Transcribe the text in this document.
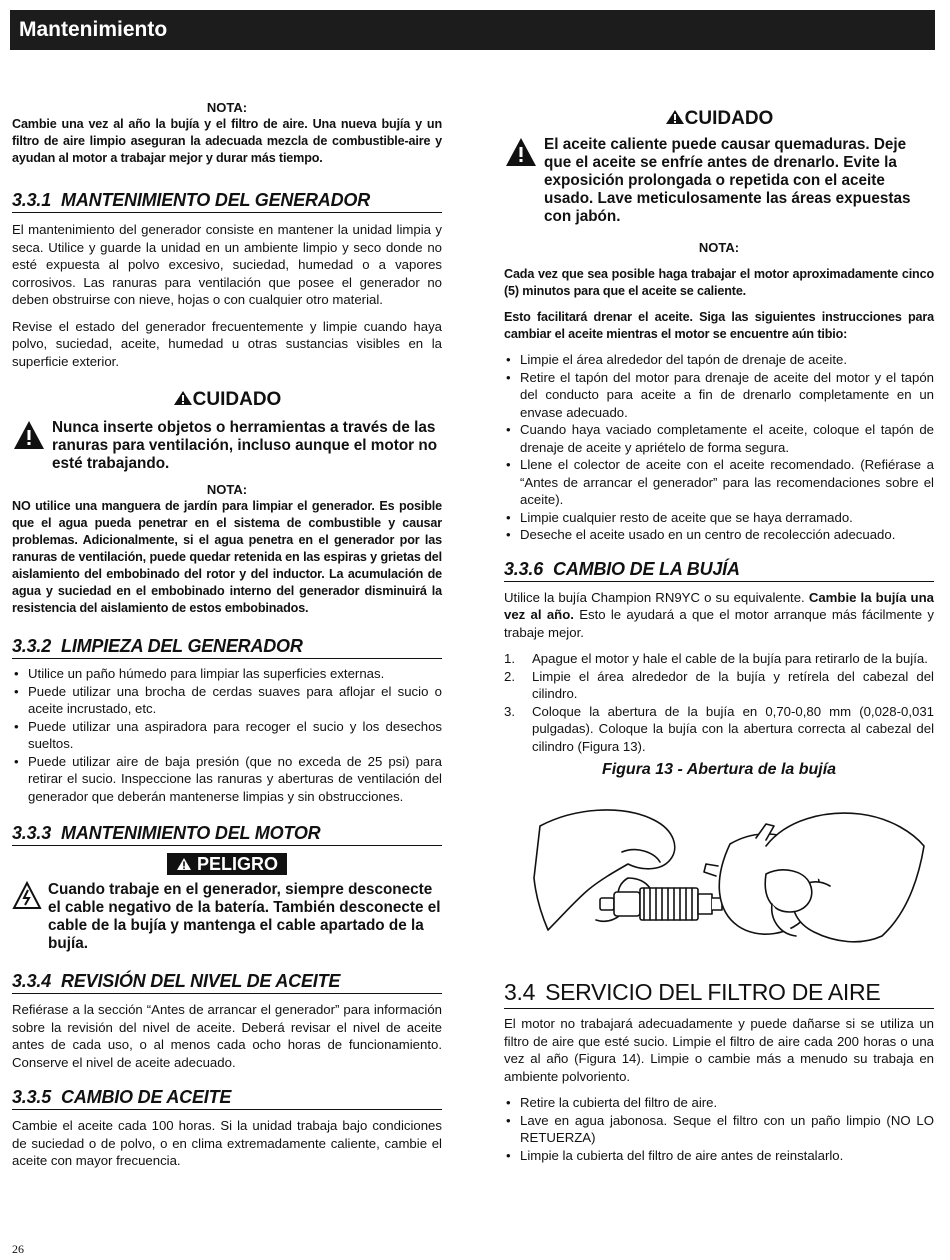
Mantenimiento

NOTA:

Cambie una vez al año la bujía y el filtro de aire. Una nueva bujía y un filtro de aire limpio aseguran la adecuada mezcla de combustible-aire y ayudan al motor a trabajar mejor y durar más tiempo.

3.3.1 MANTENIMIENTO DEL GENERADOR

El mantenimiento del generador consiste en mantener la unidad limpia y seca. Utilice y guarde la unidad en un ambiente limpio y seco donde no esté expuesta al polvo excesivo, suciedad, humedad o a vapores corrosivos. Las ranuras para ventilación que posee el generador no deben obstruirse con nieve, hojas o con cualquier otro material.

Revise el estado del generador frecuentemente y limpie cuando haya polvo, suciedad, aceite, humedad u otras sustancias visibles en la superficie exterior.

CUIDADO

Nunca inserte objetos o herramientas a través de las ranuras para ventilación, incluso aunque el motor no esté trabajando.

NOTA:

NO utilice una manguera de jardín para limpiar el generador. Es posible que el agua pueda penetrar en el sistema de combustible y causar problemas. Adicionalmente, si el agua penetra en el generador por las ranuras de ventilación, puede quedar retenida en las espiras y grietas del aislamiento del embobinado del rotor y del inductor. La acumulación de agua y suciedad en el embobinado interno del generador disminuirá la resistencia del aislamiento de estos embobinados.

3.3.2 LIMPIEZA DEL GENERADOR
• Utilice un paño húmedo para limpiar las superficies externas.
• Puede utilizar una brocha de cerdas suaves para aflojar el sucio o aceite incrustado, etc.
• Puede utilizar una aspiradora para recoger el sucio y los desechos sueltos.
• Puede utilizar aire de baja presión (que no exceda de 25 psi) para retirar el sucio. Inspeccione las ranuras y aberturas de ventilación del generador que deberán mantenerse limpias y sin obstrucciones.
3.3.3 MANTENIMIENTO DEL MOTOR
PELIGRO

Cuando trabaje en el generador, siempre desconecte el cable negativo de la batería. También desconecte el cable de la bujía y mantenga el cable apartado de la bujía.

3.3.4 REVISIÓN DEL NIVEL DE ACEITE

Refiérase a la sección “Antes de arrancar el generador” para información sobre la revisión del nivel de aceite. Deberá revisar el nivel de aceite antes de cada uso, o al menos cada ocho horas de funcionamiento. Conserve el nivel de aceite adecuado.

3.3.5 CAMBIO DE ACEITE

Cambie el aceite cada 100 horas. Si la unidad trabaja bajo condiciones de suciedad o de polvo, o en clima extremadamente caliente, cambie el aceite con mayor frecuencia.

CUIDADO

El aceite caliente puede causar quemaduras. Deje que el aceite se enfríe antes de drenarlo. Evite la exposición prolongada o repetida con el aceite usado. Lave meticulosamente las áreas expuestas con jabón.

NOTA:

Cada vez que sea posible haga trabajar el motor aproximadamente cinco (5) minutos para que el aceite se caliente.

Esto facilitará drenar el aceite. Siga las siguientes instrucciones para cambiar el aceite mientras el motor se encuentre aún tibio:

• Limpie el área alrededor del tapón de drenaje de aceite.
• Retire el tapón del motor para drenaje de aceite del motor y el tapón del conducto para aceite a fin de drenarlo completamente en un envase adecuado.
• Cuando haya vaciado completamente el aceite, coloque el tapón de drenaje de aceite y apriételo de forma segura.
• Llene el colector de aceite con el aceite recomendado. (Refiérase a “Antes de arrancar el generador” para las recomendaciones sobre el aceite).
• Limpie cualquier resto de aceite que se haya derramado.
• Deseche el aceite usado en un centro de recolección adecuado.
3.3.6 CAMBIO DE LA BUJÍA

Utilice la bujía Champion RN9YC o su equivalente. Cambie la bujía una vez al año. Esto le ayudará a que el motor arranque más fácilmente y trabaje mejor.

1. Apague el motor y hale el cable de la bujía para retirarlo de la bujía.
2. Limpie el área alrededor de la bujía y retírela del cabezal del cilindro.
3. Coloque la abertura de la bujía en 0,70-0,80 mm (0,028-0,031 pulgadas). Coloque la bujía con la abertura correcta al cabezal del cilindro (Figura 13).

Figura 13 - Abertura de la bujía

3.4 SERVICIO DEL FILTRO DE AIRE

El motor no trabajará adecuadamente y puede dañarse si se utiliza un filtro de aire que esté sucio. Limpie el filtro de aire cada 200 horas o una vez al año (Figura 14). Limpie o cambie más a menudo su trabaja en ambiente polvoriento.

• Retire la cubierta del filtro de aire.
• Lave en agua jabonosa. Seque el filtro con un paño limpio (NO LO RETUERZA)
• Limpie la cubierta del filtro de aire antes de reinstalarlo.
26
